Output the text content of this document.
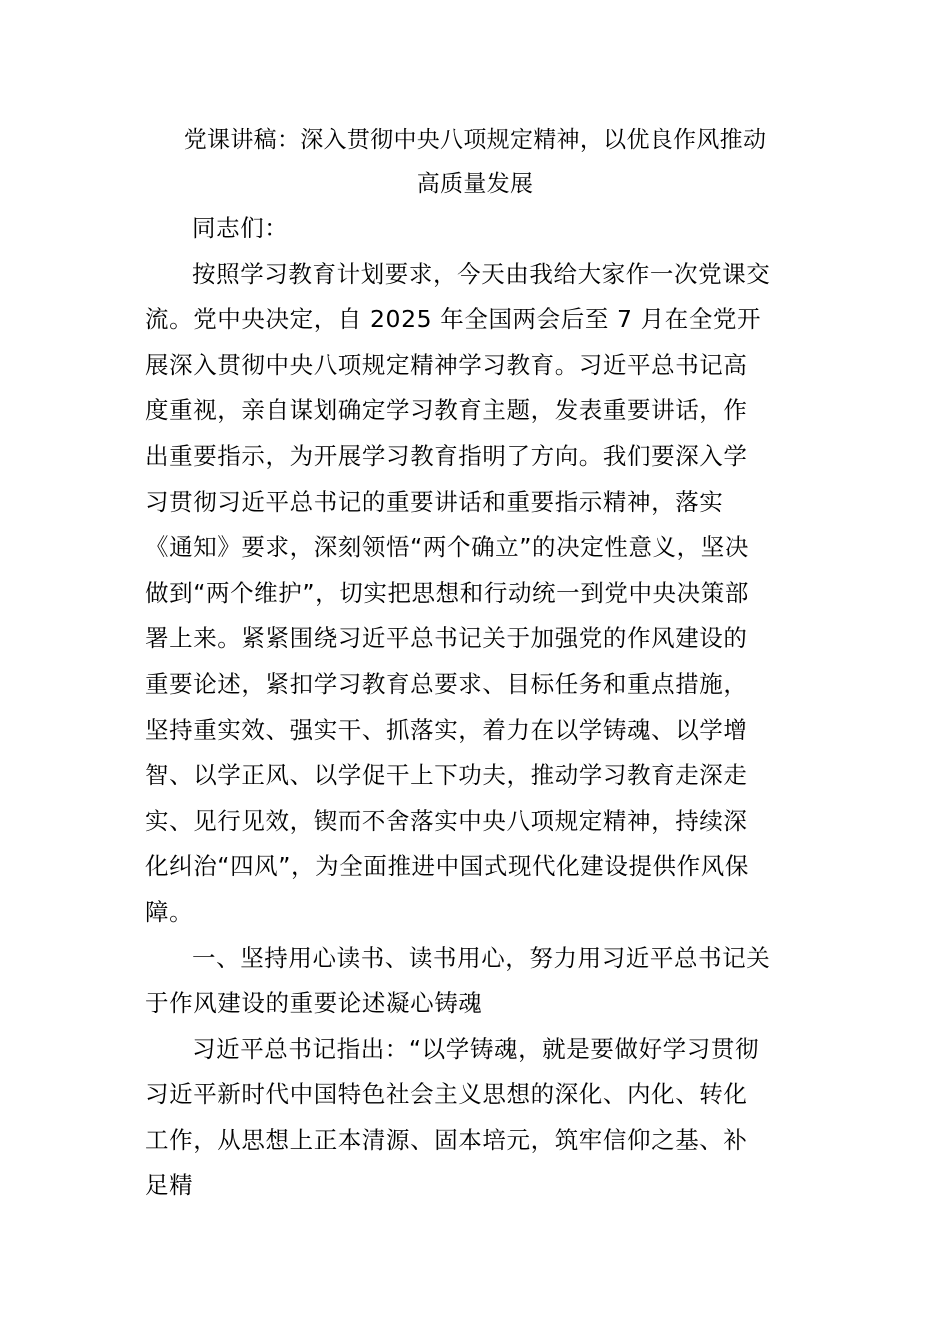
党课讲稿：深入贯彻中央八项规定精神，以优良作风推动
高质量发展

同志们：

按照学习教育计划要求，今天由我给大家作一次党课交
流。党中央决定，自 2025 年全国两会后至 7 月在全党开
展深入贯彻中央八项规定精神学习教育。习近平总书记高
度重视，亲自谋划确定学习教育主题，发表重要讲话，作
出重要指示，为开展学习教育指明了方向。我们要深入学
习贯彻习近平总书记的重要讲话和重要指示精神，落实
《通知》要求，深刻领悟“两个确立”的决定性意义，坚决
做到“两个维护”，切实把思想和行动统一到党中央决策部
署上来。紧紧围绕习近平总书记关于加强党的作风建设的
重要论述，紧扣学习教育总要求、目标任务和重点措施，
坚持重实效、强实干、抓落实，着力在以学铸魂、以学增
智、以学正风、以学促干上下功夫，推动学习教育走深走
实、见行见效，锲而不舍落实中央八项规定精神，持续深
化纠治“四风”，为全面推进中国式现代化建设提供作风保
障。

一、坚持用心读书、读书用心，努力用习近平总书记关
于作风建设的重要论述凝心铸魂

习近平总书记指出：“以学铸魂，就是要做好学习贯彻
习近平新时代中国特色社会主义思想的深化、内化、转化
工作，从思想上正本清源、固本培元，筑牢信仰之基、补
足精
